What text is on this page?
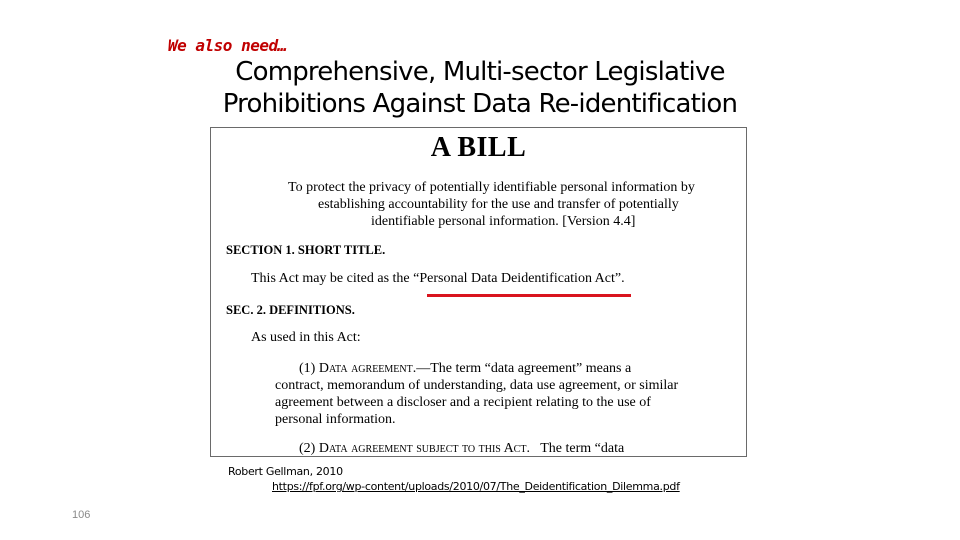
We also need…
Comprehensive, Multi-sector Legislative
Prohibitions Against Data Re-identification
A BILL
To protect the privacy of potentially identifiable personal information by
establishing accountability for the use and transfer of potentially
identifiable personal information. [Version 4.4]
SECTION 1. SHORT TITLE.
This Act may be cited as the “Personal Data Deidentification Act”.
SEC. 2. DEFINITIONS.
As used in this Act:
(1) Data agreement.—The term “data agreement” means a
contract, memorandum of understanding, data use agreement, or similar
agreement between a discloser and a recipient relating to the use of
personal information.
(2) Data agreement subject to this Act.   The term “data
Robert Gellman, 2010
https://fpf.org/wp-content/uploads/2010/07/The_Deidentification_Dilemma.pdf
106
